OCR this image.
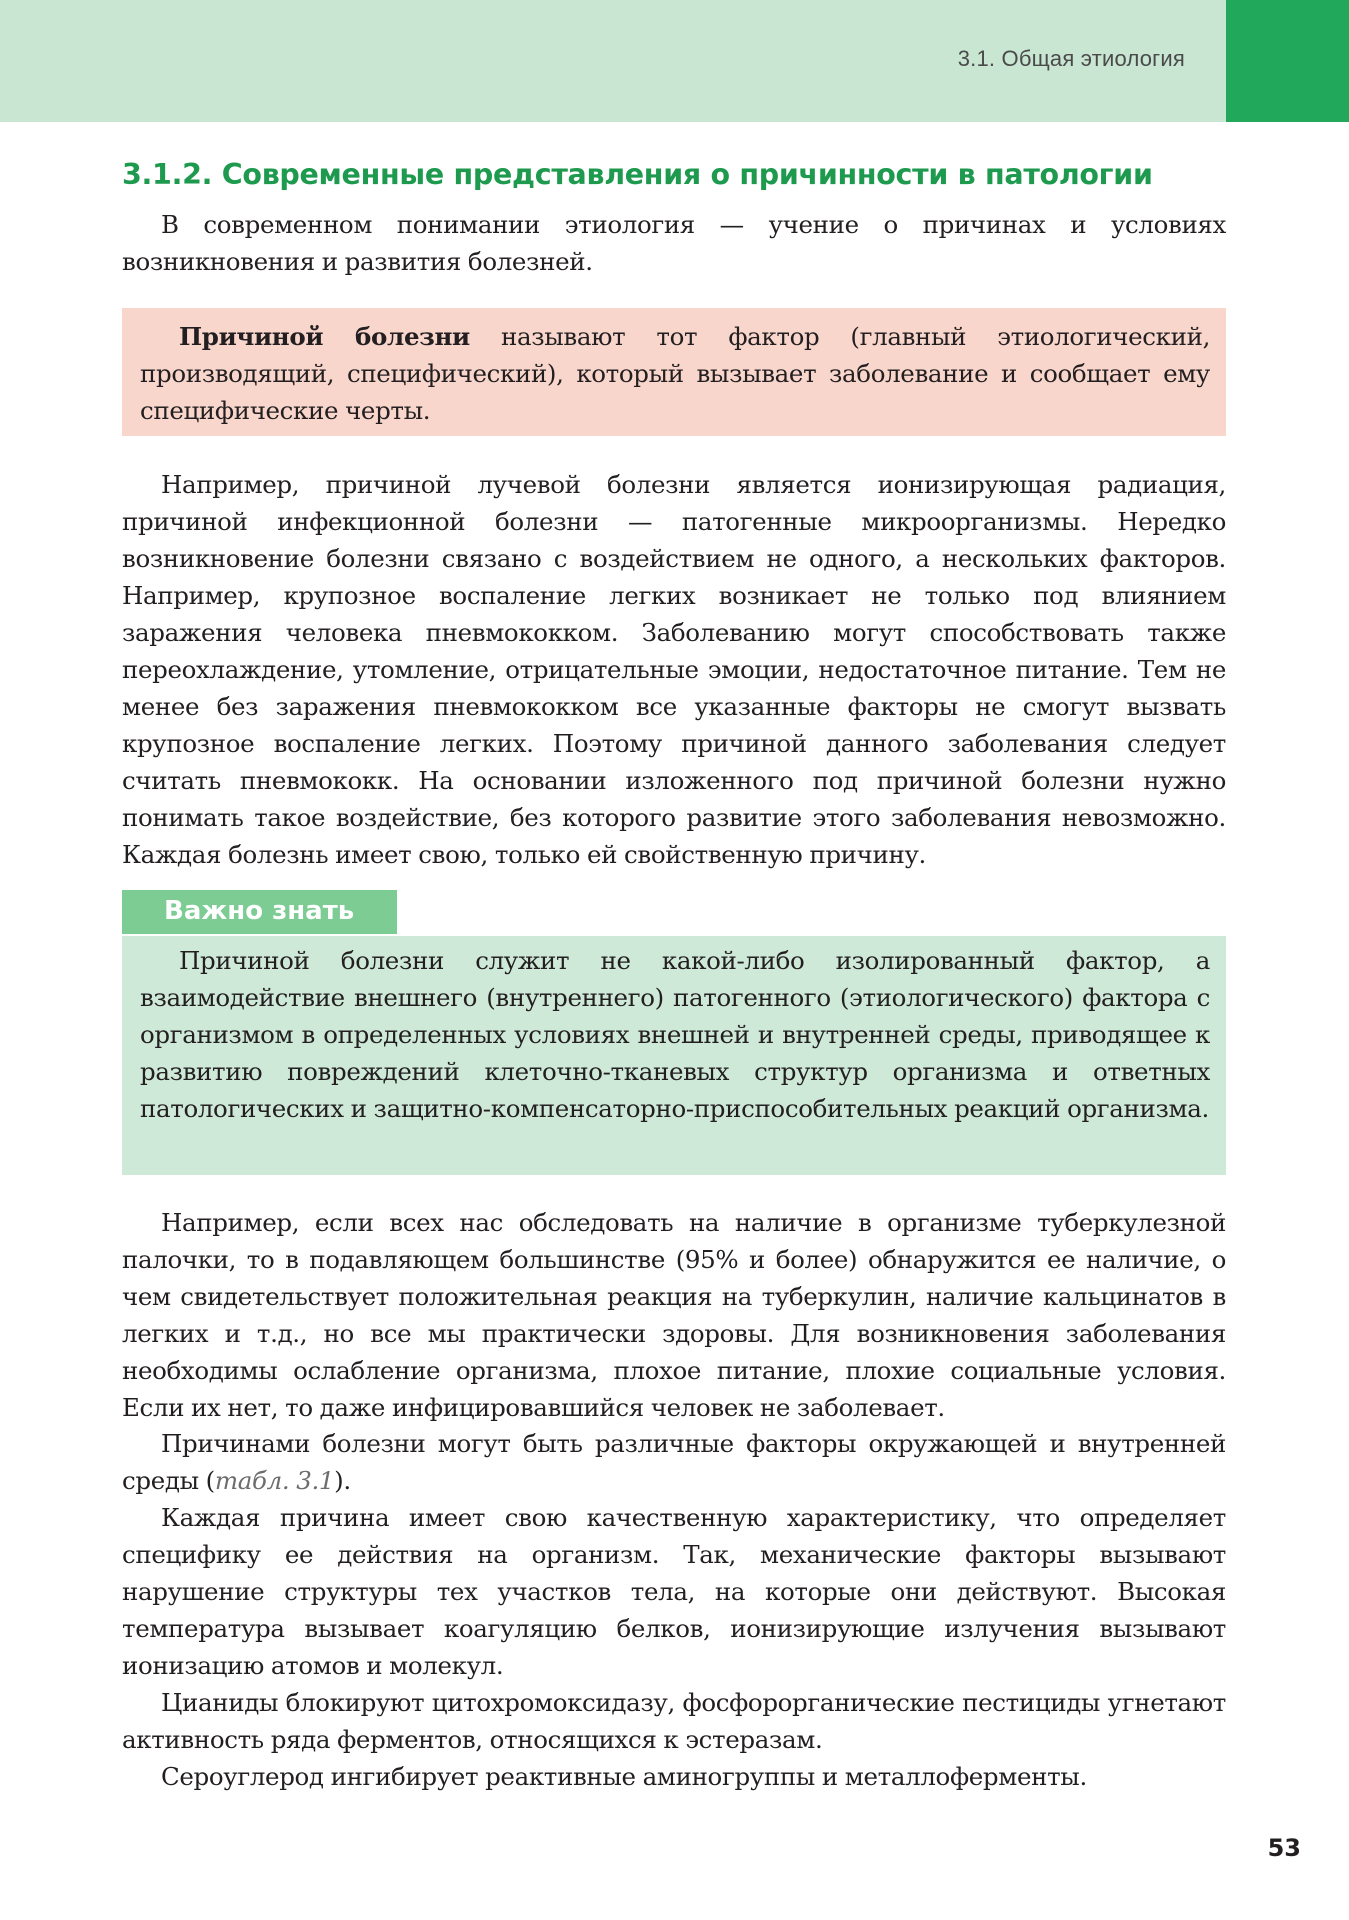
3.1. Общая этиология
3.1.2. Современные представления о причинности в патологии

В современном понимании этиология — учение о причинах и условиях возникновения и развития болезней.

Причиной болезни называют тот фактор (главный этиологический, производящий, специфический), который вызывает заболевание и сообщает ему специфические черты.

Например, причиной лучевой болезни является ионизирующая радиация, причиной инфекционной болезни — патогенные микроорганизмы. Нередко возникновение болезни связано с воздействием не одного, а нескольких факторов. Например, крупозное воспаление легких возникает не только под влиянием заражения человека пневмококком. Заболеванию могут способствовать также переохлаждение, утомление, отрицательные эмоции, недостаточное питание. Тем не менее без заражения пневмококком все указанные факторы не смогут вызвать крупозное воспаление легких. Поэтому причиной данного заболевания следует считать пневмококк. На основании изложенного под причиной болезни нужно понимать такое воздействие, без которого развитие этого заболевания невозможно. Каждая болезнь имеет свою, только ей свойственную причину.

Важно знать

Причиной болезни служит не какой-либо изолированный фактор, а взаимодействие внешнего (внутреннего) патогенного (этиологического) фактора с организмом в определенных условиях внешней и внутренней среды, приводящее к развитию повреждений клеточно-тканевых структур организма и ответных патологических и защитно-компенсаторно-приспособительных реакций организма.

Например, если всех нас обследовать на наличие в организме туберкулезной палочки, то в подавляющем большинстве (95% и более) обнаружится ее наличие, о чем свидетельствует положительная реакция на туберкулин, наличие кальцинатов в легких и т.д., но все мы практически здоровы. Для возникновения заболевания необходимы ослабление организма, плохое питание, плохие социальные условия. Если их нет, то даже инфицировавшийся человек не заболевает.

Причинами болезни могут быть различные факторы окружающей и внутренней среды (табл. 3.1).

Каждая причина имеет свою качественную характеристику, что определяет специфику ее действия на организм. Так, механические факторы вызывают нарушение структуры тех участков тела, на которые они действуют. Высокая температура вызывает коагуляцию белков, ионизирующие излучения вызывают ионизацию атомов и молекул.

Цианиды блокируют цитохромоксидазу, фосфорорганические пестициды угнетают активность ряда ферментов, относящихся к эстеразам.

Сероуглерод ингибирует реактивные аминогруппы и металлоферменты.

53
